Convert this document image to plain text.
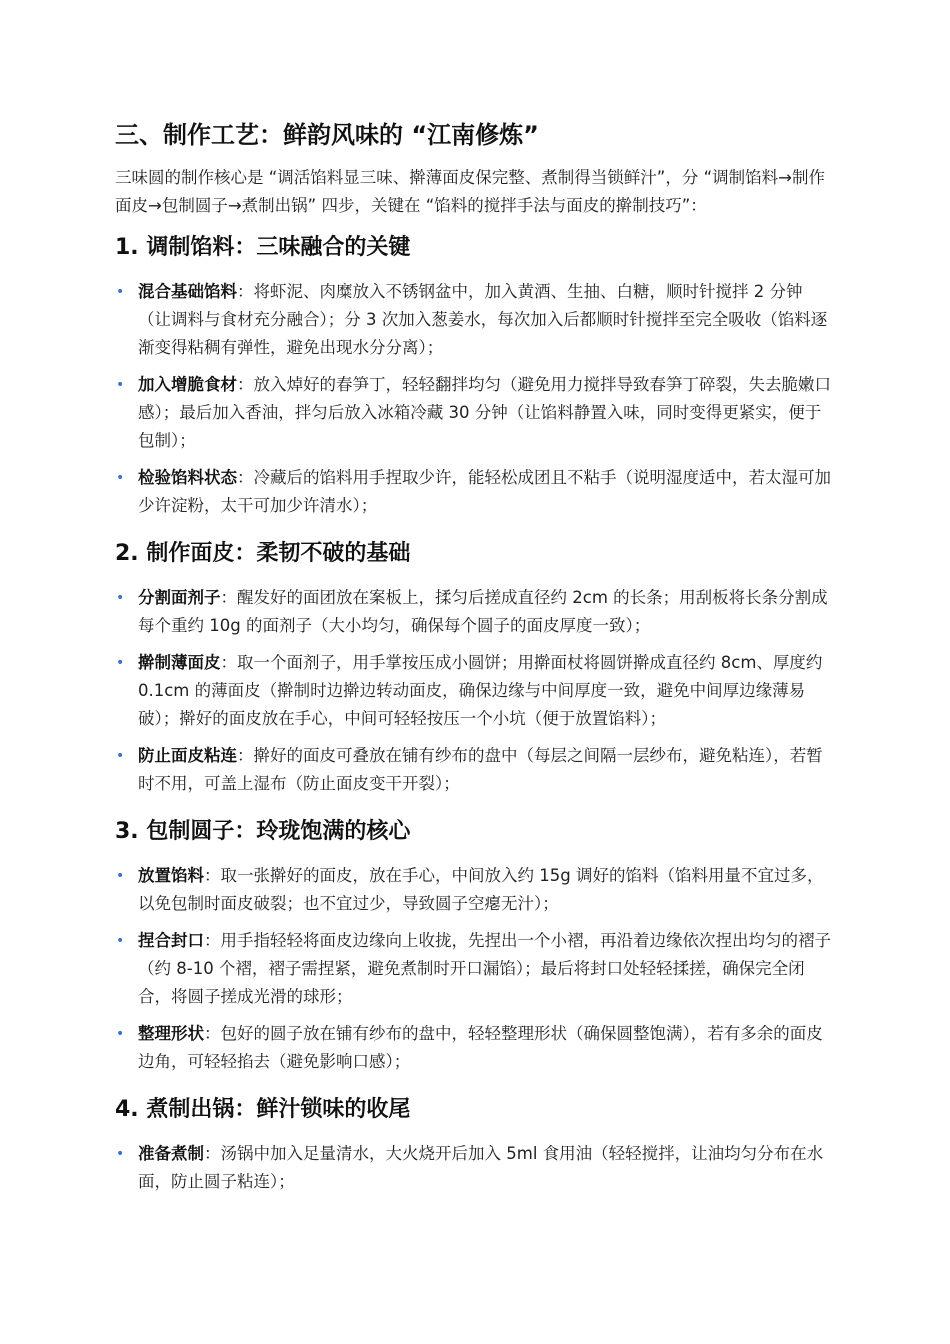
三、制作工艺：鲜韵风味的 “江南修炼”

三味圆的制作核心是 “调活馅料显三味、擀薄面皮保完整、煮制得当锁鲜汁”，分 “调制馅料→制作面皮→包制圆子→煮制出锅” 四步，关键在 “馅料的搅拌手法与面皮的擀制技巧”：

1. 调制馅料：三味融合的关键
• 混合基础馅料：将虾泥、肉糜放入不锈钢盆中，加入黄酒、生抽、白糖，顺时针搅拌 2 分钟（让调料与食材充分融合）；分 3 次加入葱姜水，每次加入后都顺时针搅拌至完全吸收（馅料逐渐变得粘稠有弹性，避免出现水分分离）；
• 加入增脆食材：放入焯好的春笋丁，轻轻翻拌均匀（避免用力搅拌导致春笋丁碎裂，失去脆嫩口感）；最后加入香油，拌匀后放入冰箱冷藏 30 分钟（让馅料静置入味，同时变得更紧实，便于包制）；
• 检验馅料状态：冷藏后的馅料用手捏取少许，能轻松成团且不粘手（说明湿度适中，若太湿可加少许淀粉，太干可加少许清水）；
2. 制作面皮：柔韧不破的基础
• 分割面剂子：醒发好的面团放在案板上，揉匀后搓成直径约 2cm 的长条；用刮板将长条分割成每个重约 10g 的面剂子（大小均匀，确保每个圆子的面皮厚度一致）；
• 擀制薄面皮：取一个面剂子，用手掌按压成小圆饼；用擀面杖将圆饼擀成直径约 8cm、厚度约 0.1cm 的薄面皮（擀制时边擀边转动面皮，确保边缘与中间厚度一致，避免中间厚边缘薄易破）；擀好的面皮放在手心，中间可轻轻按压一个小坑（便于放置馅料）；
• 防止面皮粘连：擀好的面皮可叠放在铺有纱布的盘中（每层之间隔一层纱布，避免粘连），若暂时不用，可盖上湿布（防止面皮变干开裂）；
3. 包制圆子：玲珑饱满的核心
• 放置馅料：取一张擀好的面皮，放在手心，中间放入约 15g 调好的馅料（馅料用量不宜过多，以免包制时面皮破裂；也不宜过少，导致圆子空瘪无汁）；
• 捏合封口：用手指轻轻将面皮边缘向上收拢，先捏出一个小褶，再沿着边缘依次捏出均匀的褶子（约 8-10 个褶，褶子需捏紧，避免煮制时开口漏馅）；最后将封口处轻轻揉搓，确保完全闭合，将圆子搓成光滑的球形；
• 整理形状：包好的圆子放在铺有纱布的盘中，轻轻整理形状（确保圆整饱满），若有多余的面皮边角，可轻轻掐去（避免影响口感）；
4. 煮制出锅：鲜汁锁味的收尾
• 准备煮制：汤锅中加入足量清水，大火烧开后加入 5ml 食用油（轻轻搅拌，让油均匀分布在水面，防止圆子粘连）；
